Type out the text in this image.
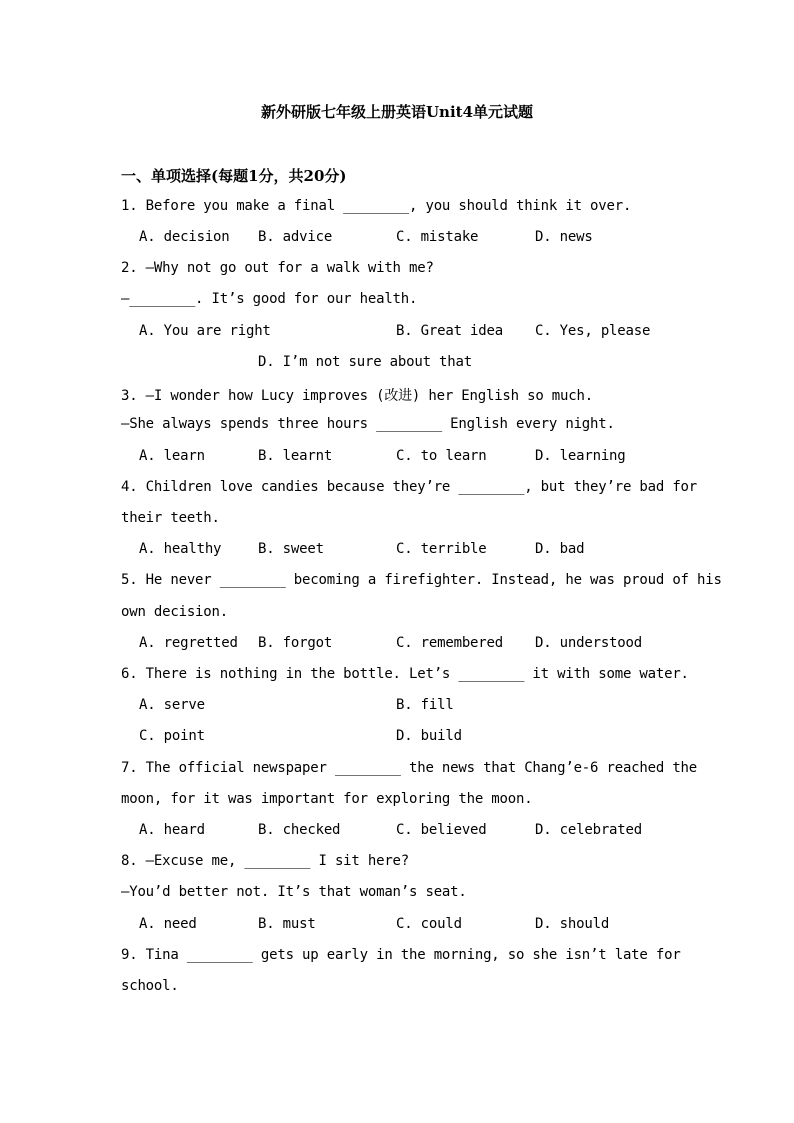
新外研版七年级上册英语Unit4单元试题
一、单项选择(每题1分，共20分)
1. Before you make a final ________, you should think it over.
A. decision B. advice	C. mistake	D. news
2. —Why not go out for a walk with me?
—________. It’s good for our health.
A. You are right	B. Great idea C. Yes, please
D. I’m not sure about that
3. —I wonder how Lucy improves (改进) her English so much.
—She always spends three hours ________ English every night.
A. learn	B. learnt	C. to learn	D. learning
4. Children love candies because they’re ________, but they’re bad for
their teeth.
A. healthy	B. sweet	C. terrible	D. bad
5. He never ________ becoming a firefighter. Instead, he was proud of his
own decision.
A. regretted B. forgot	C. remembered D. understood
6. There is nothing in the bottle. Let’s ________ it with some water.
A. serve	B. fill
C. point	D. build
7. The official newspaper ________ the news that Chang’e-6 reached the
moon, for it was important for exploring the moon.
A. heard	B. checked	C. believed	D. celebrated
8. —Excuse me, ________ I sit here?
—You’d better not. It’s that woman’s seat.
A. need	B. must	C. could	D. should
9. Tina ________ gets up early in the morning, so she isn’t late for
school.
